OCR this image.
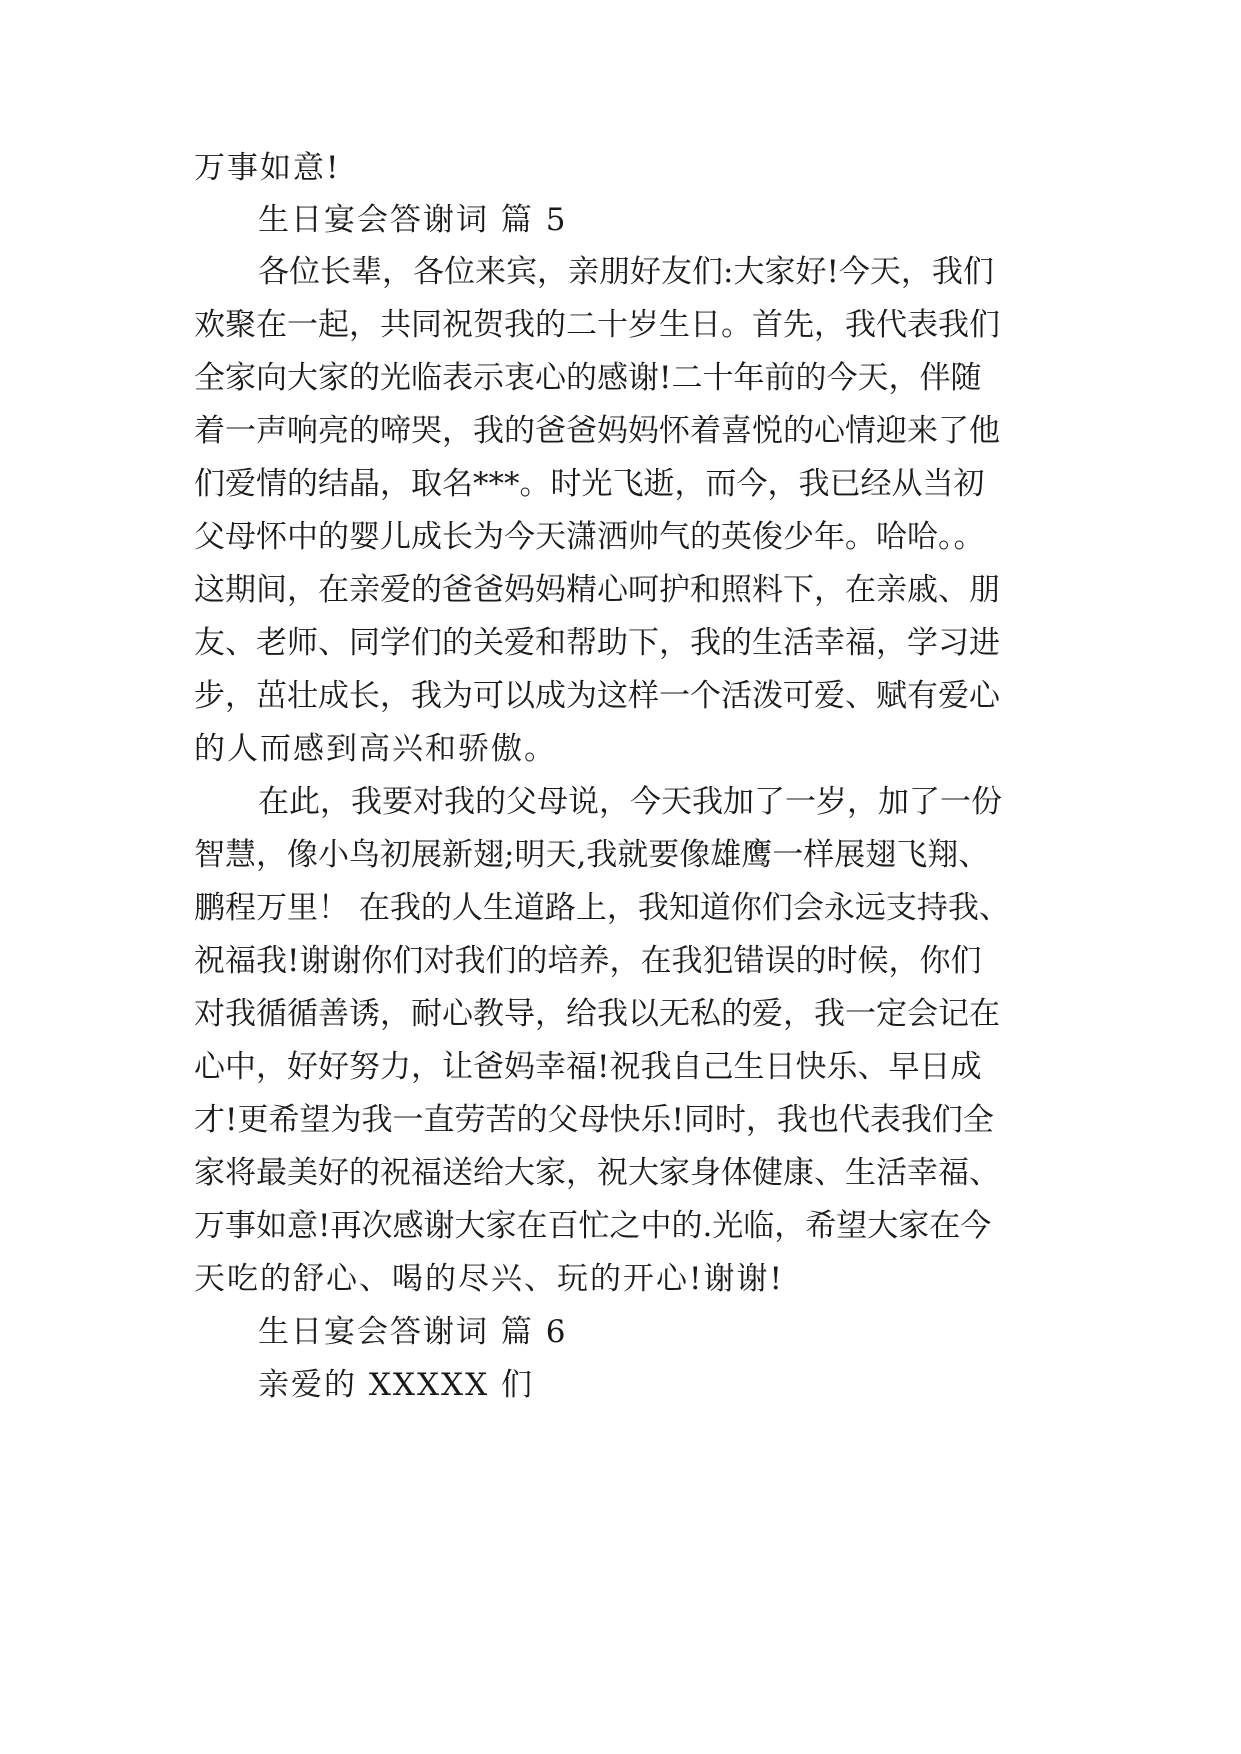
万事如意!
生日宴会答谢词 篇 5
各位长辈，各位来宾，亲朋好友们:大家好!今天，我们
欢聚在一起，共同祝贺我的二十岁生日。首先，我代表我们
全家向大家的光临表示衷心的感谢!二十年前的今天，伴随
着一声响亮的啼哭，我的爸爸妈妈怀着喜悦的心情迎来了他
们爱情的结晶，取名***。时光飞逝，而今，我已经从当初
父母怀中的婴儿成长为今天潇洒帅气的英俊少年。哈哈。。
这期间，在亲爱的爸爸妈妈精心呵护和照料下，在亲戚、朋
友、老师、同学们的关爱和帮助下，我的生活幸福，学习进
步，茁壮成长，我为可以成为这样一个活泼可爱、赋有爱心
的人而感到高兴和骄傲。
在此，我要对我的父母说，今天我加了一岁，加了一份
智慧，像小鸟初展新翅;明天,我就要像雄鹰一样展翅飞翔、
鹏程万里！ 在我的人生道路上，我知道你们会永远支持我、
祝福我!谢谢你们对我们的培养，在我犯错误的时候，你们
对我循循善诱，耐心教导，给我以无私的爱，我一定会记在
心中，好好努力，让爸妈幸福!祝我自己生日快乐、早日成
才!更希望为我一直劳苦的父母快乐!同时，我也代表我们全
家将最美好的祝福送给大家，祝大家身体健康、生活幸福、
万事如意!再次感谢大家在百忙之中的.光临，希望大家在今
天吃的舒心、喝的尽兴、玩的开心!谢谢!
生日宴会答谢词 篇 6
亲爱的 XXXXX 们
